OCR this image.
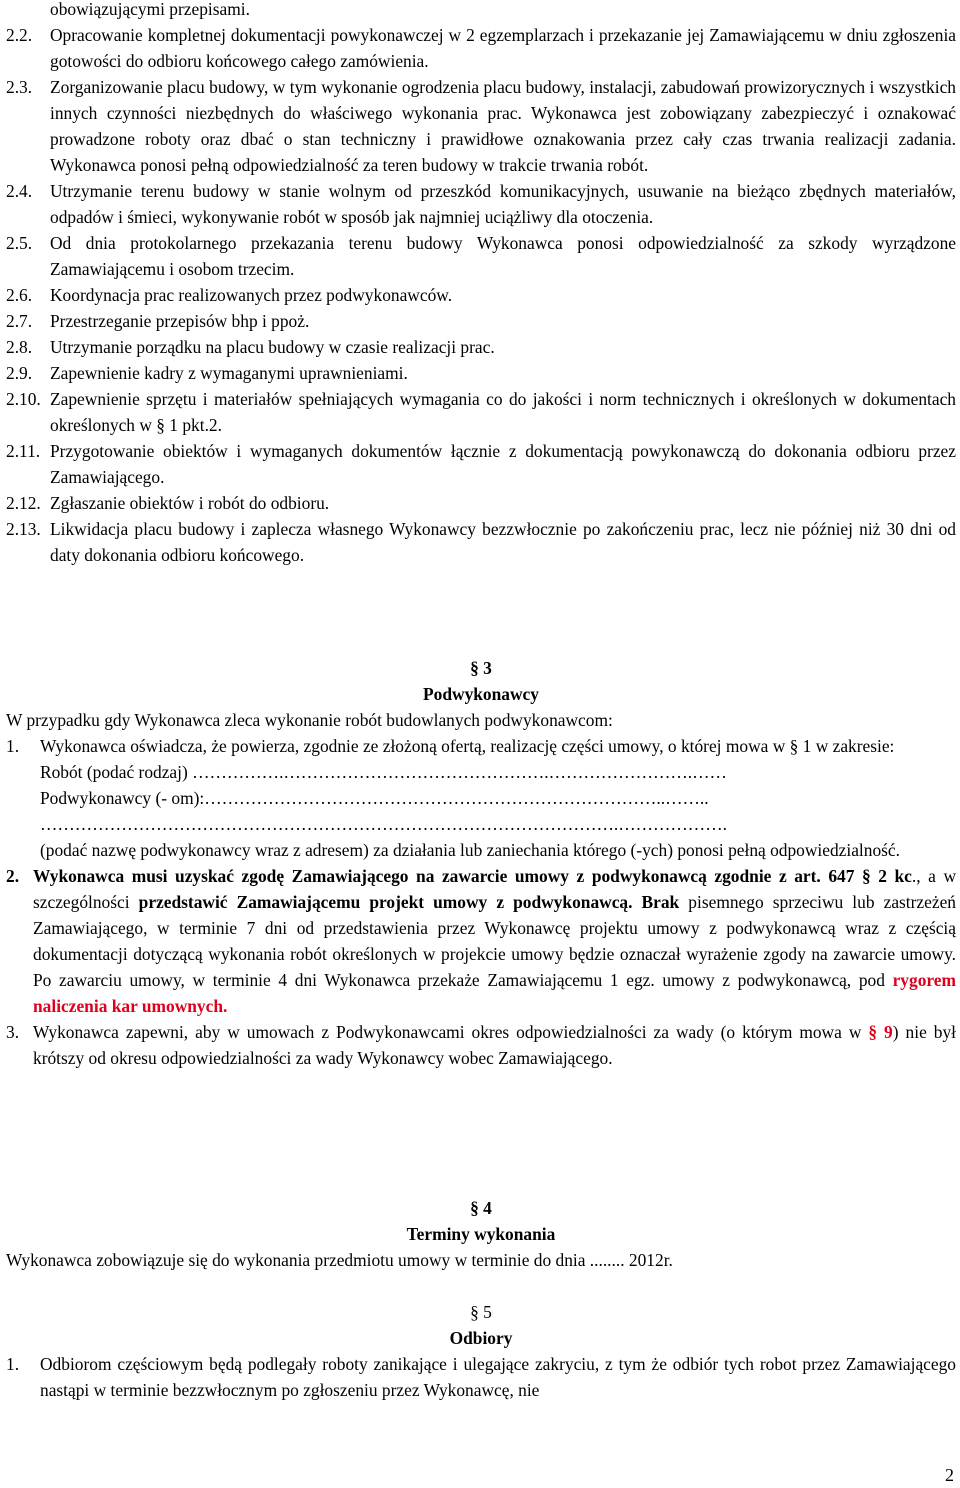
obowiązującymi przepisami.

2.2.	Opracowanie kompletnej dokumentacji powykonawczej w 2 egzemplarzach i przekazanie jej Zamawiającemu w dniu zgłoszenia gotowości do odbioru końcowego całego zamówienia.

2.3.	Zorganizowanie placu budowy, w tym wykonanie ogrodzenia placu budowy, instalacji, zabudowań prowizorycznych i wszystkich innych czynności niezbędnych do właściwego wykonania prac. Wykonawca jest zobowiązany zabezpieczyć i oznakować prowadzone roboty oraz dbać o stan techniczny i prawidłowe oznakowania przez cały czas trwania realizacji zadania. Wykonawca ponosi pełną odpowiedzialność za teren budowy w trakcie trwania robót.

2.4.	Utrzymanie terenu budowy w stanie wolnym od przeszkód komunikacyjnych, usuwanie na bieżąco zbędnych materiałów, odpadów i śmieci, wykonywanie robót w sposób jak najmniej uciążliwy dla otoczenia.

2.5.	Od dnia protokolarnego przekazania terenu budowy Wykonawca ponosi odpowiedzialność za szkody wyrządzone Zamawiającemu i osobom trzecim.

2.6.	Koordynacja prac realizowanych przez podwykonawców.

2.7.	Przestrzeganie przepisów bhp i ppoż.

2.8.	Utrzymanie porządku na placu budowy w czasie realizacji prac.

2.9.	Zapewnienie kadry z wymaganymi uprawnieniami.

2.10. Zapewnienie sprzętu i materiałów spełniających wymagania co do jakości i norm technicznych i określonych w dokumentach określonych w § 1 pkt.2.

2.11. Przygotowanie obiektów i wymaganych dokumentów łącznie z dokumentacją powykonawczą do dokonania odbioru przez Zamawiającego.

2.12. Zgłaszanie obiektów i robót do odbioru.

2.13. Likwidacja placu budowy i zaplecza własnego Wykonawcy bezzwłocznie po zakończeniu prac, lecz nie później niż 30 dni od daty dokonania odbioru końcowego.

§ 3

Podwykonawcy

W przypadku gdy Wykonawca zleca wykonanie robót budowlanych podwykonawcom:

1.	Wykonawca oświadcza, że powierza, zgodnie ze złożoną ofertą, realizację części umowy, o której mowa w § 1 w zakresie:

Robót (podać rodzaj) …………….……………………………………….…………………….……

Podwykonawcy (- om):……………………………………………………………………..……..

……………………………………………………………………………………….……………….

(podać nazwę podwykonawcy wraz z adresem) za działania lub zaniechania którego (-ych) ponosi pełną odpowiedzialność.

2. Wykonawca musi uzyskać zgodę Zamawiającego na zawarcie umowy z podwykonawcą zgodnie z art. 647 § 2 kc., a w szczególności przedstawić Zamawiającemu projekt umowy z podwykonawcą. Brak pisemnego sprzeciwu lub zastrzeżeń Zamawiającego, w terminie 7 dni od przedstawienia przez Wykonawcę projektu umowy z podwykonawcą wraz z częścią dokumentacji dotyczącą wykonania robót określonych w projekcie umowy będzie oznaczał wyrażenie zgody na zawarcie umowy. Po zawarciu umowy, w terminie 4 dni Wykonawca przekaże Zamawiającemu 1 egz. umowy z podwykonawcą, pod rygorem naliczenia kar umownych.

3. Wykonawca zapewni, aby w umowach z Podwykonawcami okres odpowiedzialności za wady (o którym mowa w § 9) nie był krótszy od okresu odpowiedzialności za wady Wykonawcy wobec Zamawiającego.

§ 4

Terminy wykonania

Wykonawca zobowiązuje się do wykonania przedmiotu umowy w terminie do dnia ........ 2012r.

§ 5

Odbiory

1.	Odbiorom częściowym będą podlegały roboty zanikające i ulegające zakryciu, z tym że odbiór tych robot przez Zamawiającego nastąpi w terminie bezzwłocznym po zgłoszeniu przez Wykonawcę, nie

2
